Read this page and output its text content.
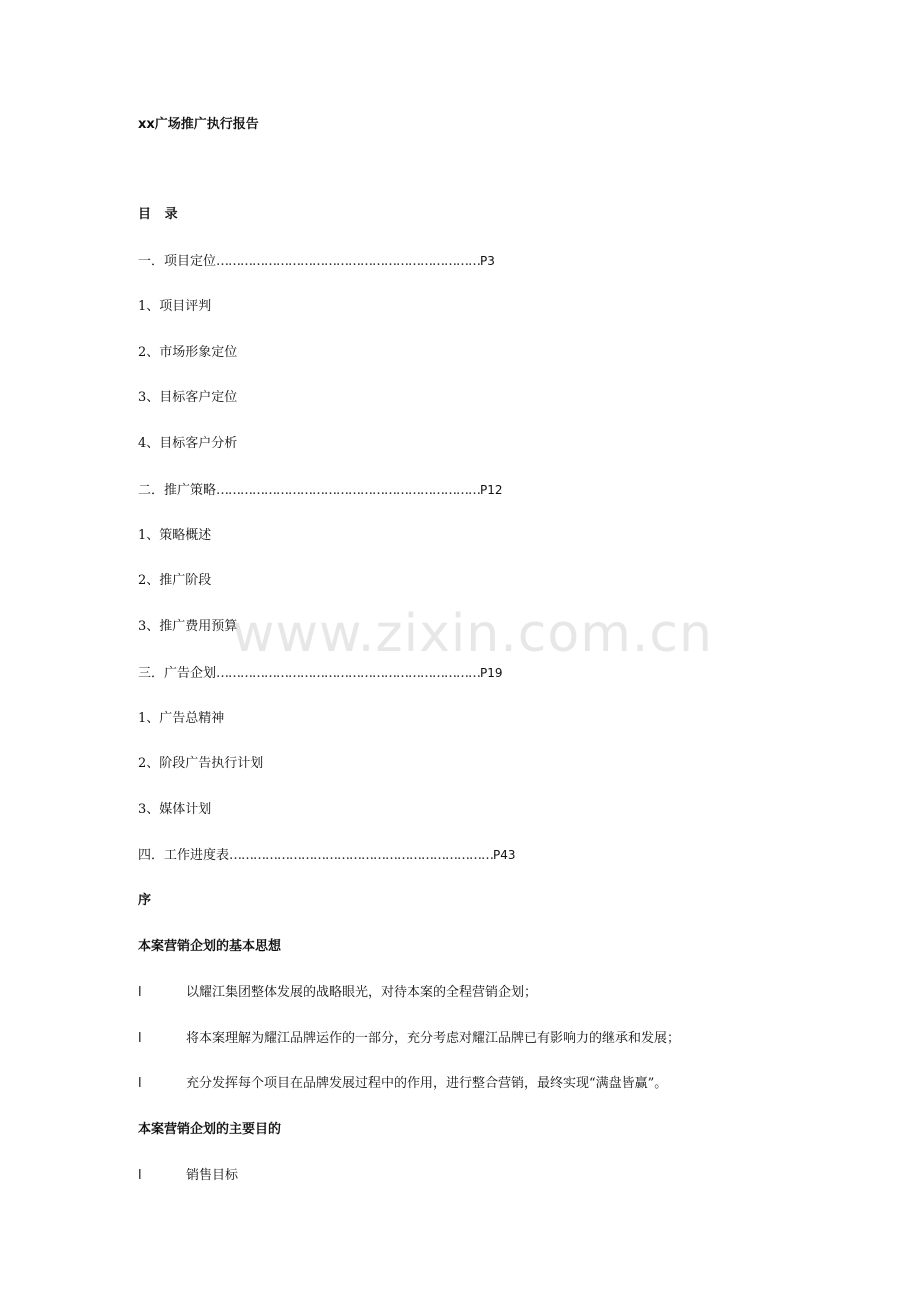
xx广场推广执行报告
目   录
一．项目定位 ………………………………………………………… P3
1、项目评判
2、市场形象定位
3、目标客户定位
4、目标客户分析
二．推广策略 ………………………………………………………… P12
1、策略概述
2、推广阶段
3、推广费用预算
三．广告企划 ………………………………………………………… P19
1、广告总精神
2、阶段广告执行计划
3、媒体计划
四．工作进度表 ………………………………………………………… P43
序
本案营销企划的基本思想
l	以耀江集团整体发展的战略眼光，对待本案的全程营销企划；
l	将本案理解为耀江品牌运作的一部分，充分考虑对耀江品牌已有影响力的继承和发展；
l	充分发挥每个项目在品牌发展过程中的作用，进行整合营销，最终实现“满盘皆赢”。
本案营销企划的主要目的
l	销售目标
www.zixin.com.cn
